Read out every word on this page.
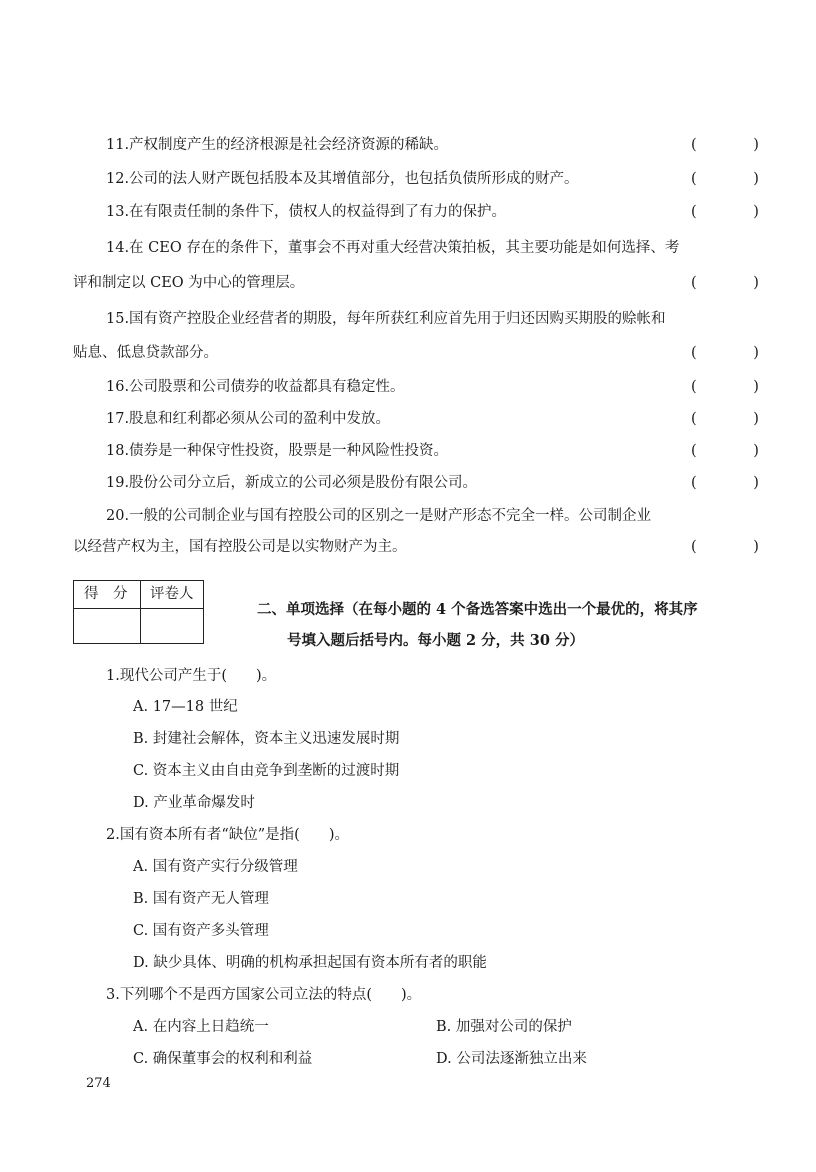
11.产权制度产生的经济根源是社会经济资源的稀缺。	( )
12.公司的法人财产既包括股本及其增值部分，也包括负债所形成的财产。	( )
13.在有限责任制的条件下，债权人的权益得到了有力的保护。	( )
14.在 CEO 存在的条件下，董事会不再对重大经营决策拍板，其主要功能是如何选择、考
评和制定以 CEO 为中心的管理层。	( )
15.国有资产控股企业经营者的期股，每年所获红利应首先用于归还因购买期股的赊帐和
贴息、低息贷款部分。	( )
16.公司股票和公司债券的收益都具有稳定性。	( )
17.股息和红利都必须从公司的盈利中发放。	( )
18.债券是一种保守性投资，股票是一种风险性投资。	( )
19.股份公司分立后，新成立的公司必须是股份有限公司。	( )
20.一般的公司制企业与国有控股公司的区别之一是财产形态不完全一样。公司制企业
以经营产权为主，国有控股公司是以实物财产为主。	( )
得　分 评卷人
二、单项选择（在每小题的 4 个备选答案中选出一个最优的，将其序
号填入题后括号内。每小题 2 分，共 30 分）
1.现代公司产生于(　　)。
A. 17—18 世纪
B. 封建社会解体，资本主义迅速发展时期
C. 资本主义由自由竞争到垄断的过渡时期
D. 产业革命爆发时
2.国有资本所有者“缺位”是指(　　)。
A. 国有资产实行分级管理
B. 国有资产无人管理
C. 国有资产多头管理
D. 缺少具体、明确的机构承担起国有资本所有者的职能
3.下列哪个不是西方国家公司立法的特点(　　)。
A. 在内容上日趋统一	B. 加强对公司的保护
C. 确保董事会的权利和利益	D. 公司法逐渐独立出来
274
